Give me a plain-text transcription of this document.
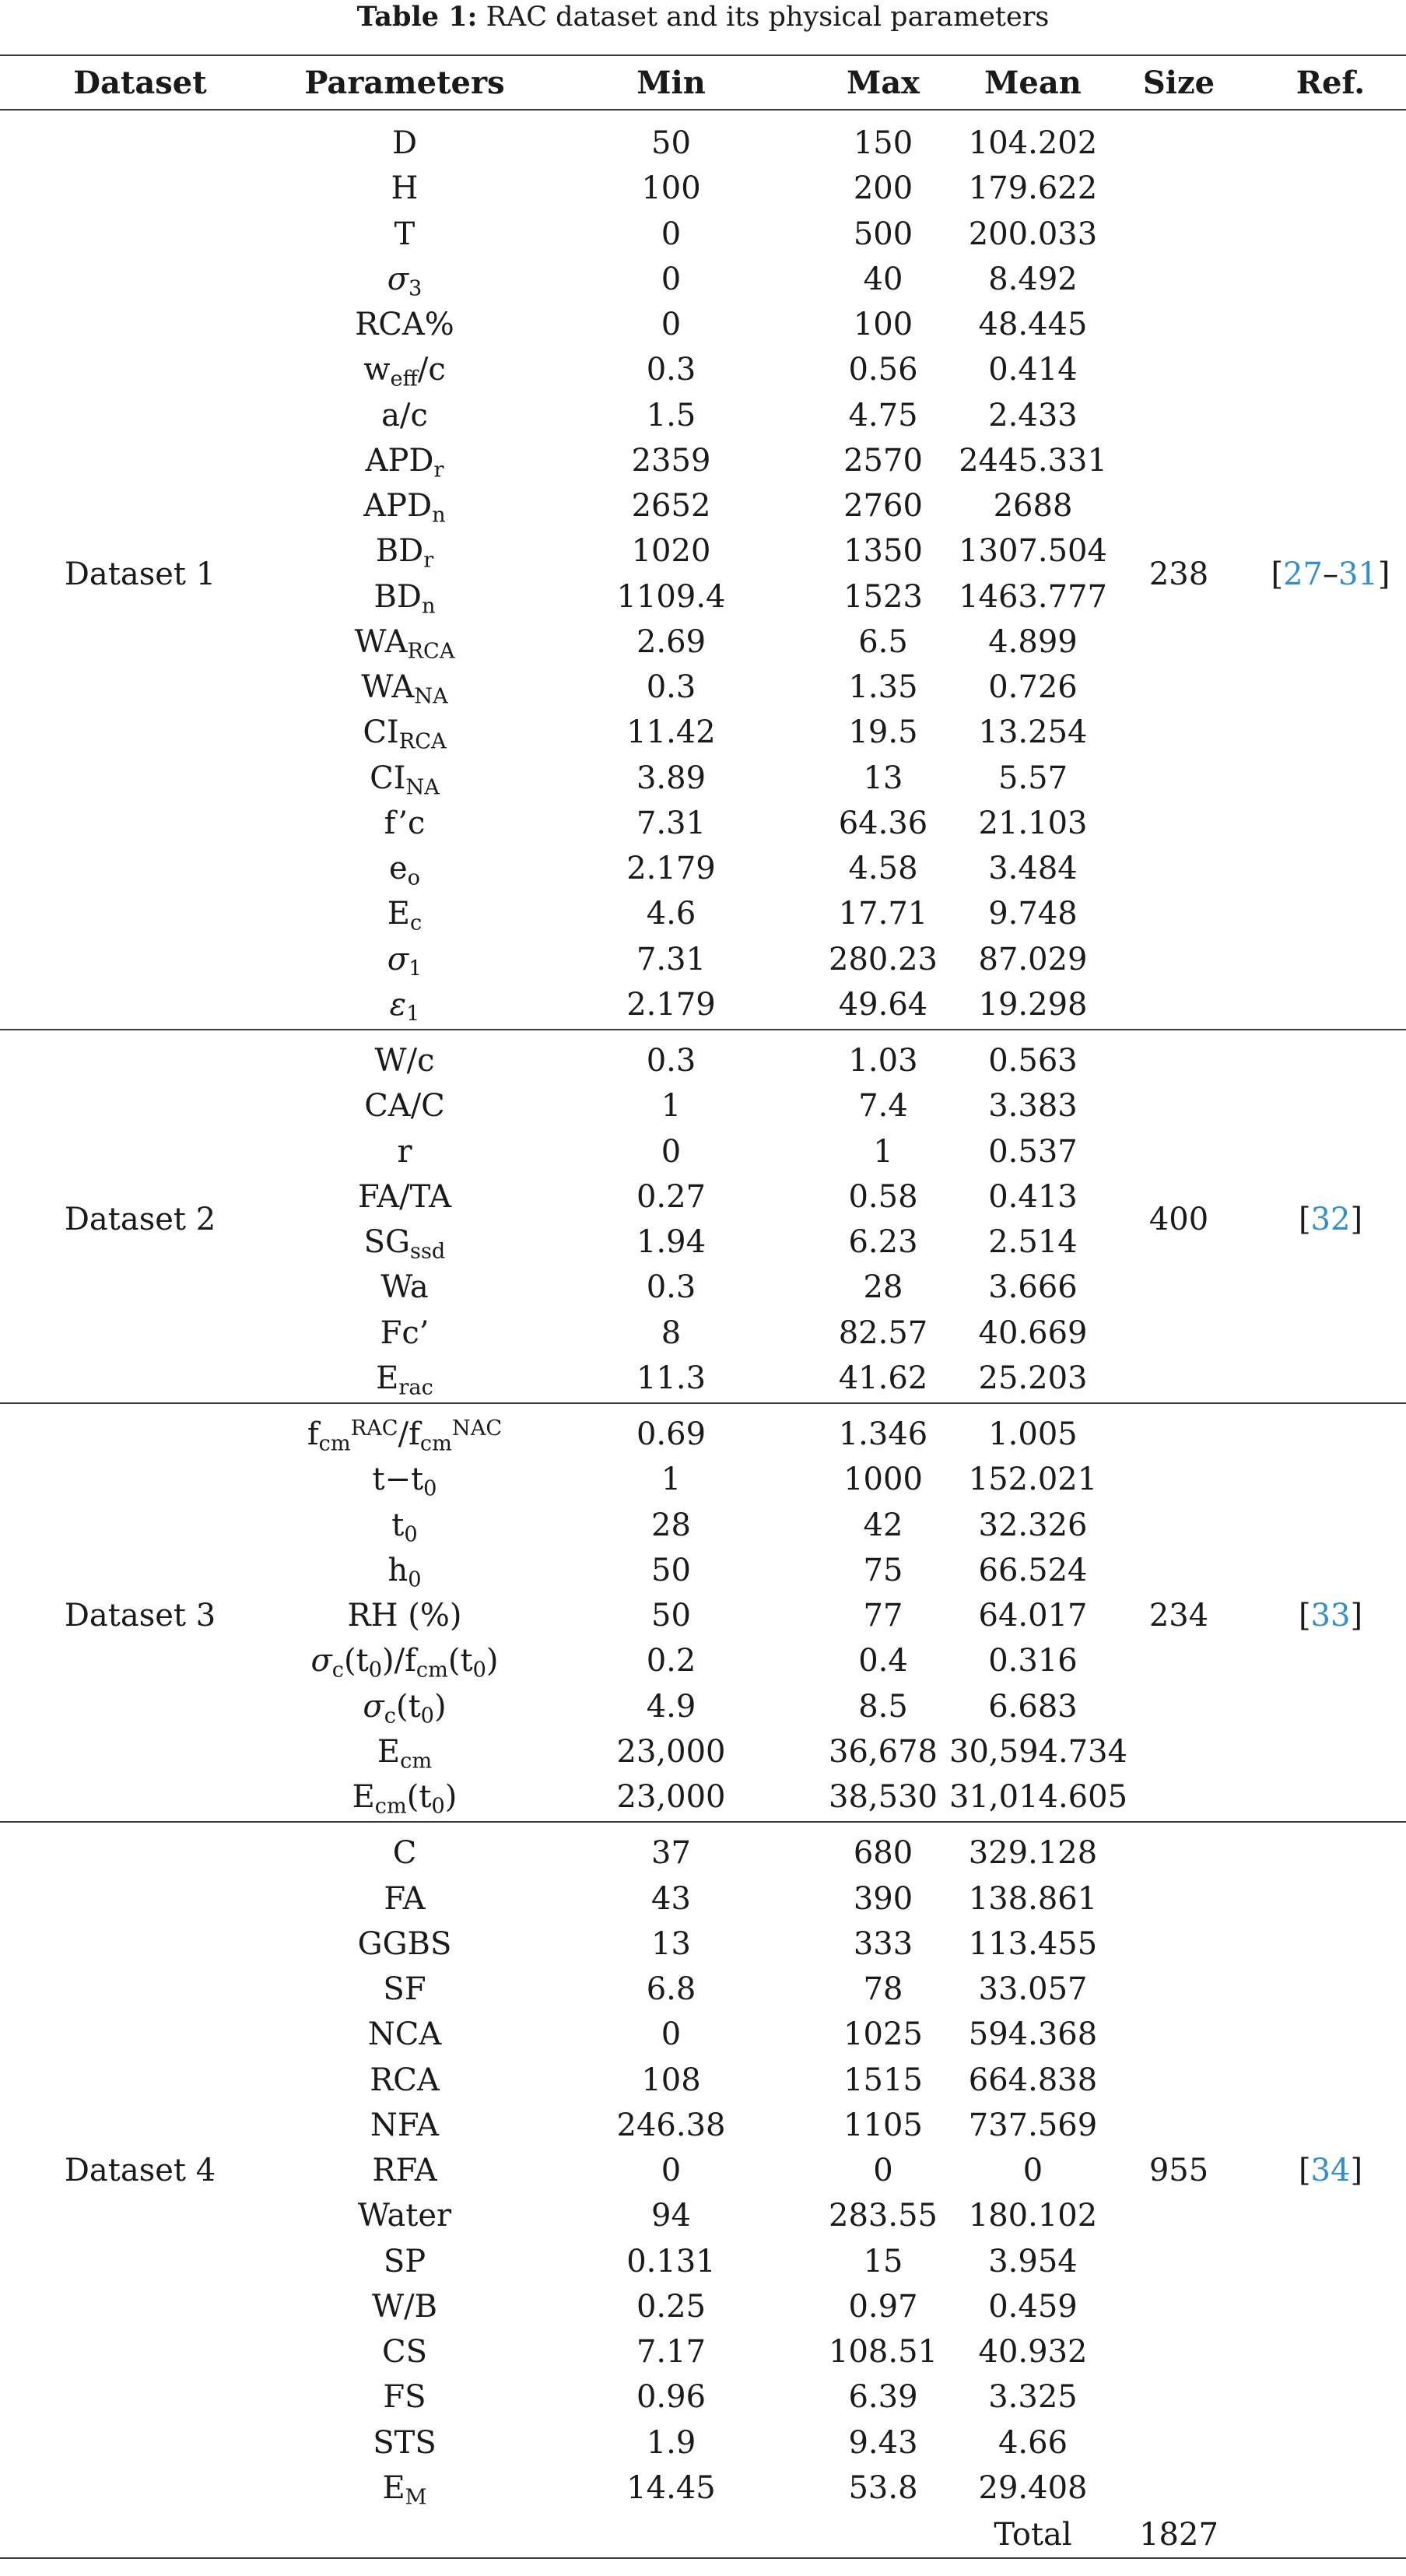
Table 1: RAC dataset and its physical parameters
Dataset	Parameters	Min	Max	Mean	Size	Ref.
D	50	150	104.202
H	100	200	179.622
T	0	500	200.033
$\sigma_3$	0	40	8.492
RCA%	0	100	48.445
$w_{eff}/c$	0.3	0.56	0.414
a/c	1.5	4.75	2.433
$APD_r$	2359	2570	2445.331
$APD_n$	2652	2760	2688
$BD_r$	1020	1350	1307.504
$BD_n$	1109.4	1523	1463.777
$WA_{RCA}$	2.69	6.5	4.899
$WA_{NA}$	0.3	1.35	0.726
$CI_{RCA}$	11.42	19.5	13.254
$CI_{NA}$	3.89	13	5.57
f’c	7.31	64.36	21.103
$e_o$	2.179	4.58	3.484
$E_c$	4.6	17.71	9.748
$\sigma_1$	7.31	280.23	87.029
$\varepsilon_1$	2.179	49.64	19.298
Dataset 1	238	[27–31]
W/c	0.3	1.03	0.563
CA/C	1	7.4	3.383
r	0	1	0.537
FA/TA	0.27	0.58	0.413
$SG_{ssd}$	1.94	6.23	2.514
Wa	0.3	28	3.666
Fc’	8	82.57	40.669
$E_{rac}$	11.3	41.62	25.203
Dataset 2	400	[32]
$f_{cm}^{RAC}/f_{cm}^{NAC}$	0.69	1.346	1.005
$t-t_0$	1	1000	152.021
$t_0$	28	42	32.326
$h_0$	50	75	66.524
RH (%)	50	77	64.017
$\sigma_c(t_0)/f_{cm}(t_0)$	0.2	0.4	0.316
$\sigma_c(t_0)$	4.9	8.5	6.683
$E_{cm}$	23,000	36,678 30,594.734
$E_{cm}(t_0)$	23,000	38,530 31,014.605
Dataset 3	234	[33]
C	37	680	329.128
FA	43	390	138.861
GGBS	13	333	113.455
SF	6.8	78	33.057
NCA	0	1025	594.368
RCA	108	1515	664.838
NFA	246.38	1105	737.569
RFA	0	0	0
Water	94	283.55 180.102
SP	0.131	15	3.954
W/B	0.25	0.97	0.459
CS	7.17	108.51	40.932
FS	0.96	6.39	3.325
STS	1.9	9.43	4.66
$E_M$	14.45	53.8	29.408
Dataset 4	955	[34]
Total	1827
